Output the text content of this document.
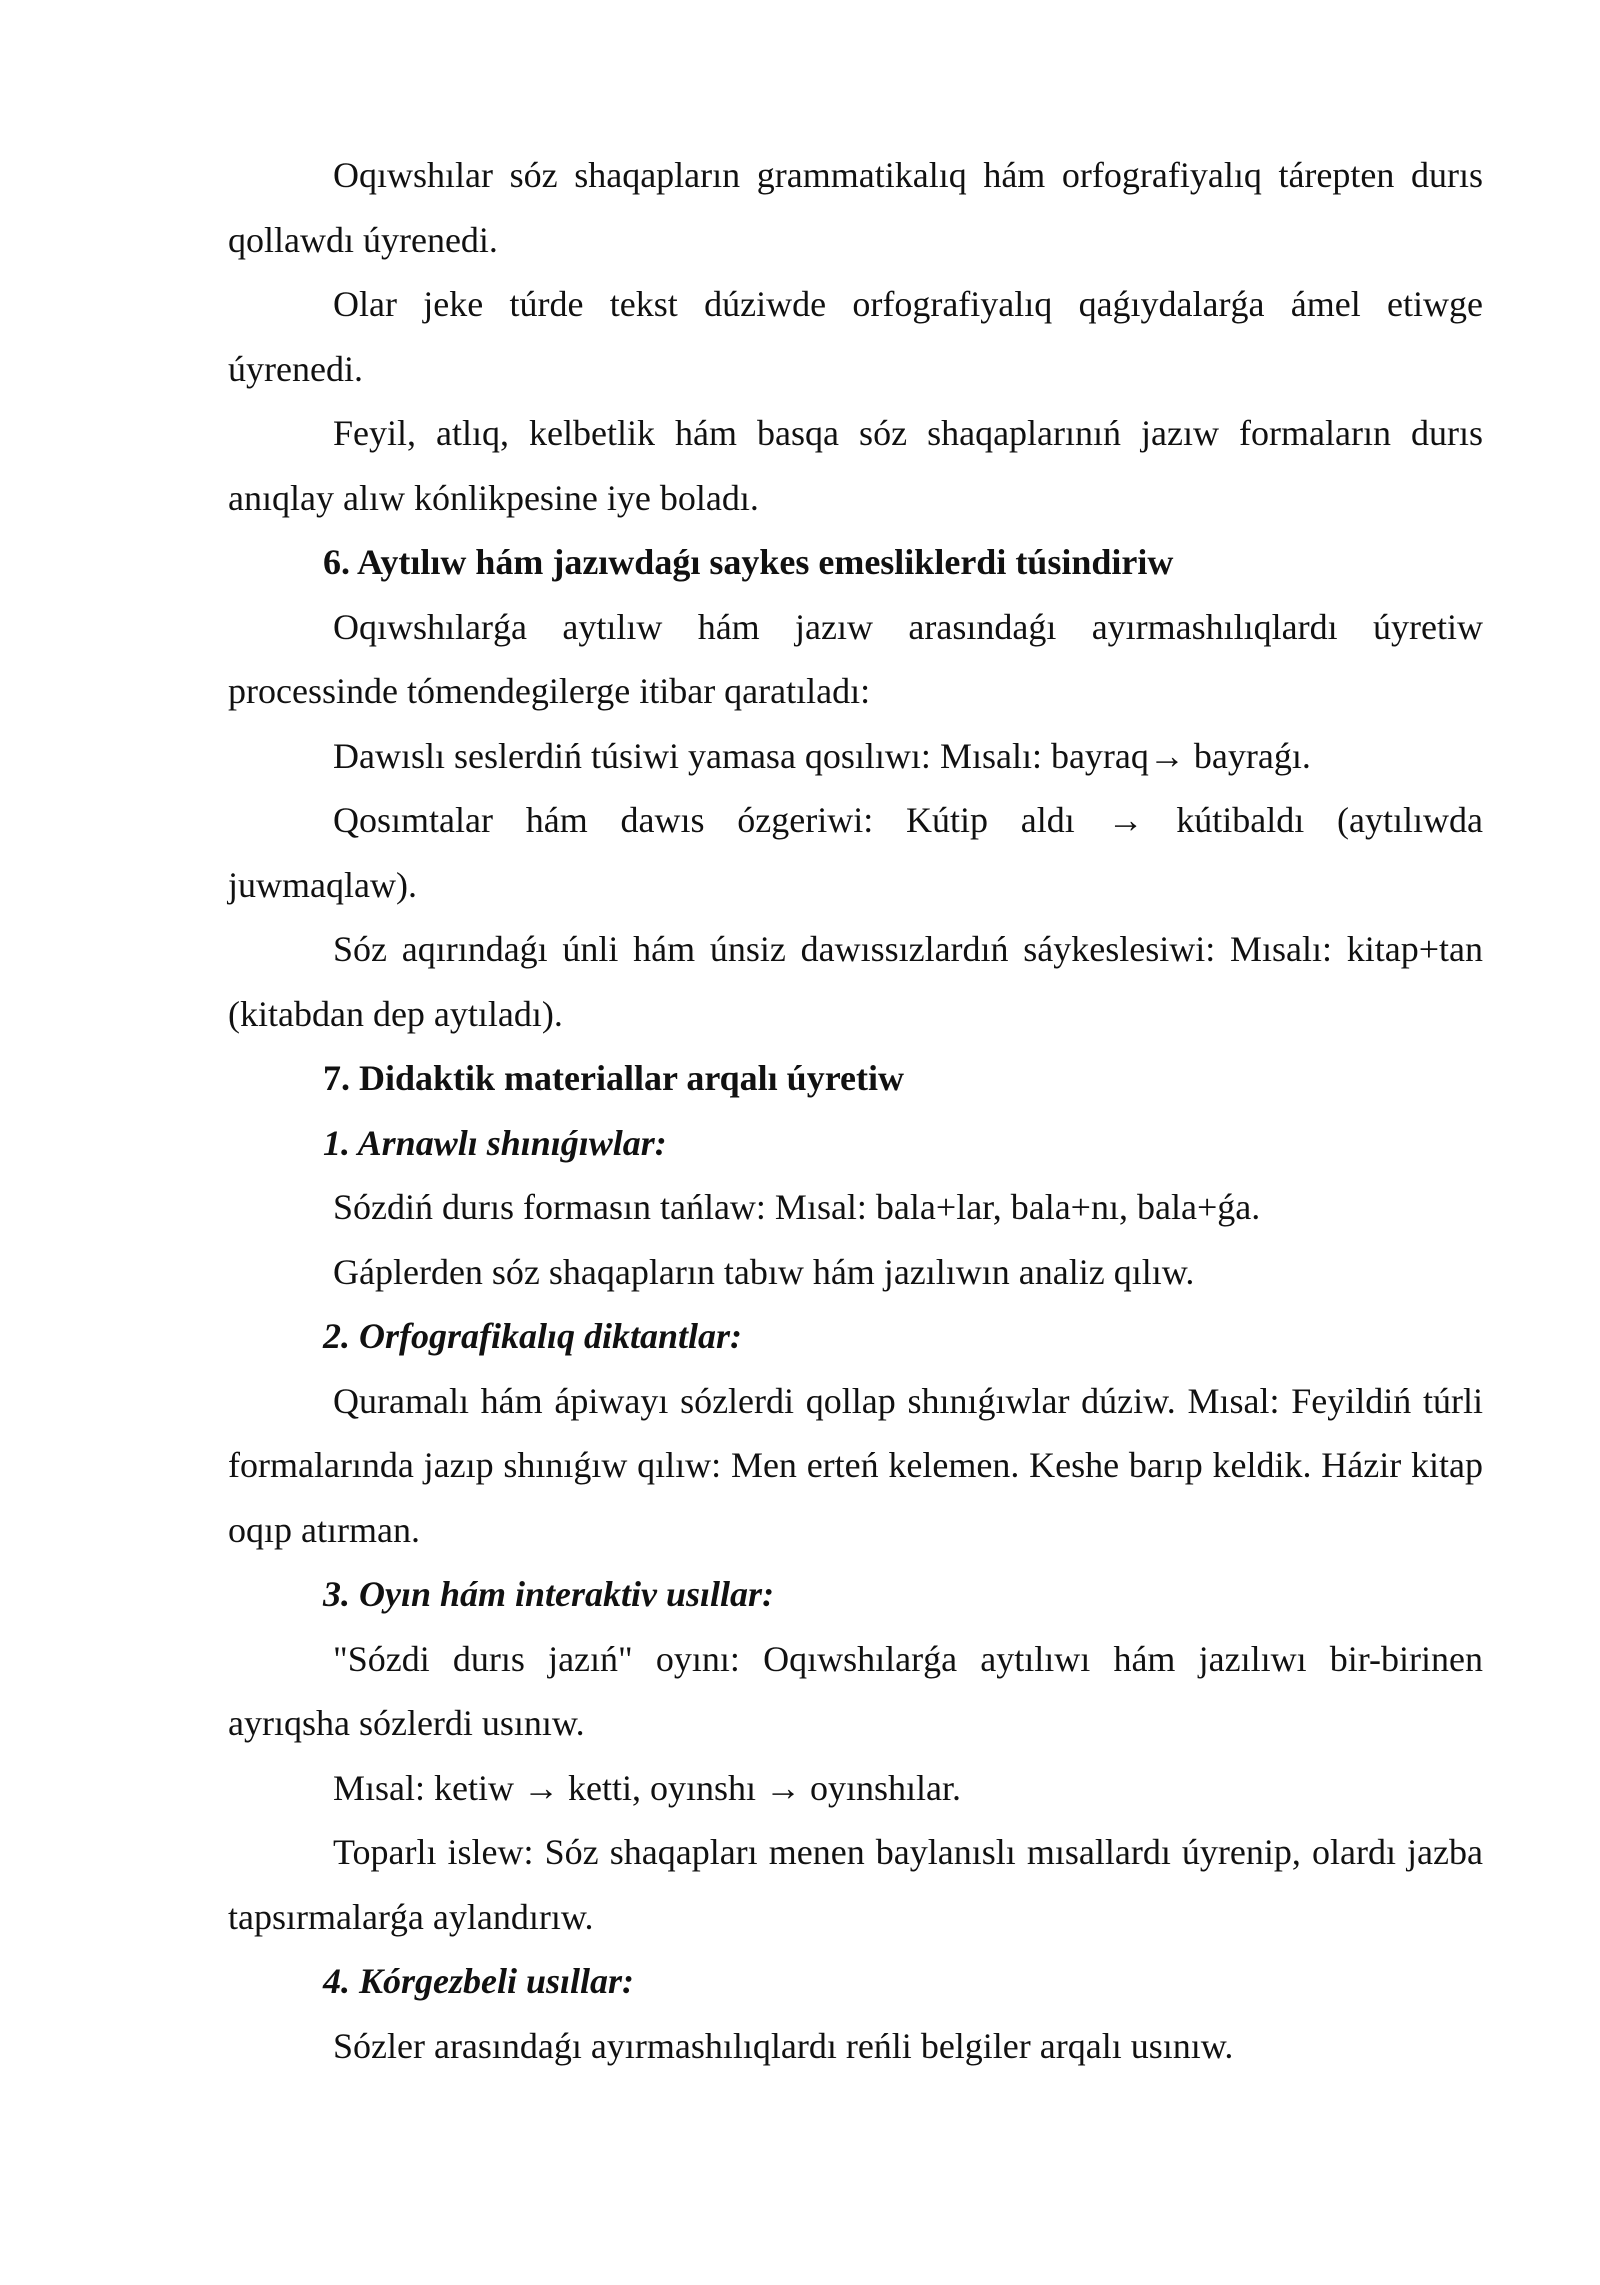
Oqıwshılar sóz shaqapların grammatikalıq hám orfografiyalıq tárepten durıs qollawdı úyrenedi.

Olar jeke túrde tekst dúziwde orfografiyalıq qaǵıydalarǵa ámel etiwge úyrenedi.

Feyil, atlıq, kelbetlik hám basqa sóz shaqaplarınıń jazıw formaların durıs anıqlay alıw kónlikpesine iye boladı.

6. Aytılıw hám jazıwdaǵı saykes emesliklerdi túsindiriw

Oqıwshılarǵa aytılıw hám jazıw arasındaǵı ayırmashılıqlardı úyretiw processinde tómendegilerge itibar qaratıladı:

Dawıslı seslerdiń túsiwi yamasa qosılıwı: Mısalı: bayraq→ bayraǵı.

Qosımtalar hám dawıs ózgeriwi: Kútip aldı → kútibaldı (aytılıwda juwmaqlaw).

Sóz aqırındaǵı únli hám únsiz dawıssızlardıń sáykeslesiwi: Mısalı: kitap+tan (kitabdan dep aytıladı).

7. Didaktik materiallar arqalı úyretiw

1. Arnawlı shınıǵıwlar:

Sózdiń durıs formasın tańlaw: Mısal: bala+lar, bala+nı, bala+ǵa.

Gáplerden sóz shaqapların tabıw hám jazılıwın analiz qılıw.

2. Orfografikalıq diktantlar:

Quramalı hám ápiwayı sózlerdi qollap shınıǵıwlar dúziw. Mısal: Feyildiń túrli formalarında jazıp shınıǵıw qılıw: Men erteń kelemen. Keshe barıp keldik. Házir kitap oqıp atırman.

3. Oyın hám interaktiv usıllar:

"Sózdi durıs jazıń" oyını: Oqıwshılarǵa aytılıwı hám jazılıwı bir-birinen ayrıqsha sózlerdi usınıw.

Mısal: ketiw → ketti, oyınshı → oyınshılar.

Toparlı islew: Sóz shaqapları menen baylanıslı mısallardı úyrenip, olardı jazba tapsırmalarǵa aylandırıw.

4. Kórgezbeli usıllar:

Sózler arasındaǵı ayırmashılıqlardı reńli belgiler arqalı usınıw.
